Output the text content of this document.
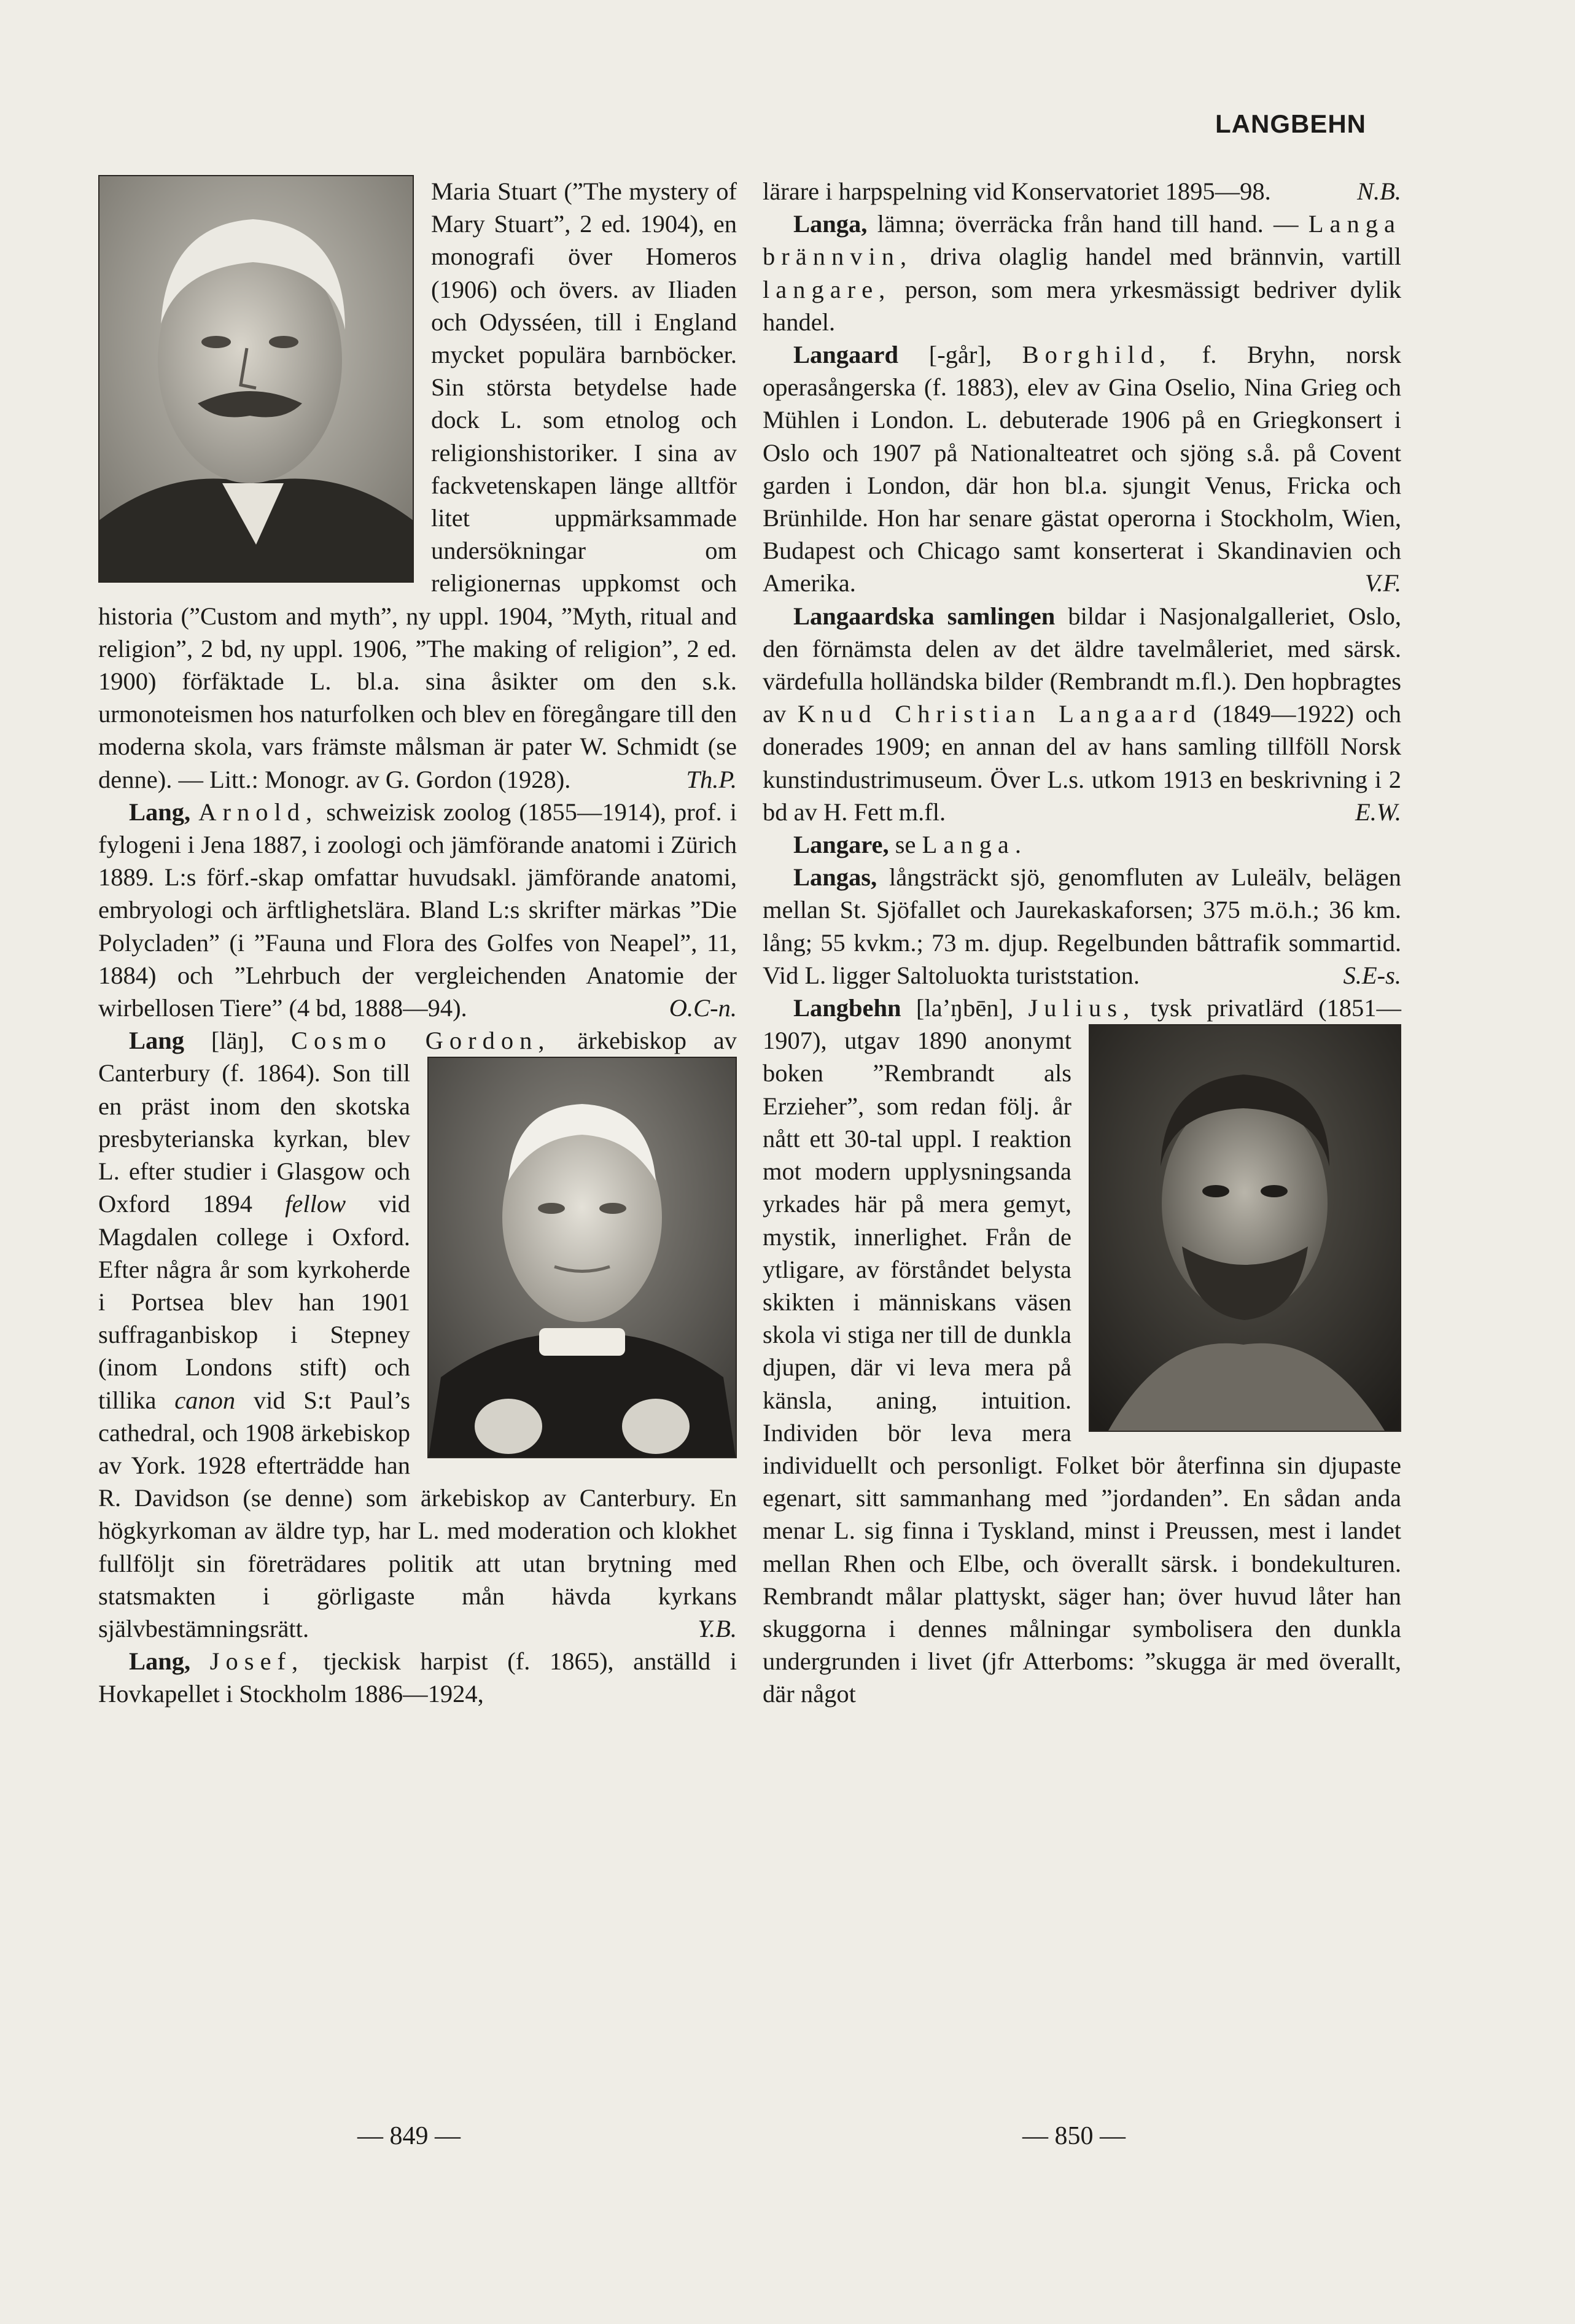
LANGBEHN

Maria Stuart (”The mystery of Mary Stuart”, 2 ed. 1904), en monografi över Homeros (1906) och övers. av Iliaden och Odysséen, till i England mycket populära barnböcker. Sin största betydelse hade dock L. som etnolog och religionshistoriker. I sina av fackvetenskapen länge alltför litet uppmärksammade undersökningar om religionernas uppkomst och historia (”Custom and myth”, ny uppl. 1904, ”Myth, ritual and religion”, 2 bd, ny uppl. 1906, ”The making of religion”, 2 ed. 1900) förfäktade L. bl.a. sina åsikter om den s.k. urmonoteismen hos naturfolken och blev en föregångare till den moderna skola, vars främste målsman är pater W. Schmidt (se denne). — Litt.: Monogr. av G. Gordon (1928).	Th.P.

Lang, Arnold, schweizisk zoolog (1855—1914), prof. i fylogeni i Jena 1887, i zoologi och jämförande anatomi i Zürich 1889. L:s förf.-skap omfattar huvudsakl. jämförande anatomi, embryologi och ärftlighetslära. Bland L:s skrifter märkas ”Die Polycladen” (i ”Fauna und Flora des Golfes von Neapel”, 11, 1884) och ”Lehrbuch der vergleichenden Anatomie der wirbellosen Tiere” (4 bd, 1888—94).	O.C-n.

Lang [läŋ], Cosmo Gordon, ärkebiskop av Canterbury (f. 1864). Son till en präst inom den skotska presbyterianska kyrkan, blev L. efter studier i Glasgow och Oxford 1894 fellow vid Magdalen college i Oxford. Efter några år som kyrkoherde i Portsea blev han 1901 suffraganbiskop i Stepney (inom Londons stift) och tillika canon vid S:t Paul’s cathedral, och 1908 ärkebiskop av York. 1928 efterträdde han R. Davidson (se denne) som ärkebiskop av Canterbury. En högkyrkoman av äldre typ, har L. med moderation och klokhet fullföljt sin företrädares politik att utan brytning med statsmakten i görligaste mån hävda kyrkans självbestämningsrätt.	Y.B.

Lang, Josef, tjeckisk harpist (f. 1865), anställd i Hovkapellet i Stockholm 1886—1924,

lärare i harpspelning vid Konservatoriet 1895—98.	N.B.

Langa, lämna; överräcka från hand till hand. — Langa brännvin, driva olaglig handel med brännvin, vartill langare, person, som mera yrkesmässigt bedriver dylik handel.

Langaard [-går], Borghild, f. Bryhn, norsk operasångerska (f. 1883), elev av Gina Oselio, Nina Grieg och Mühlen i London. L. debuterade 1906 på en Griegkonsert i Oslo och 1907 på Nationalteatret och sjöng s.å. på Covent garden i London, där hon bl.a. sjungit Venus, Fricka och Brünhilde. Hon har senare gästat operorna i Stockholm, Wien, Budapest och Chicago samt konserterat i Skandinavien och Amerika.	V.F.

Langaardska samlingen bildar i Nasjonalgalleriet, Oslo, den förnämsta delen av det äldre tavelmåleriet, med särsk. värdefulla holländska bilder (Rembrandt m.fl.). Den hopbragtes av Knud Christian Langaard (1849—1922) och donerades 1909; en annan del av hans samling tillföll Norsk kunstindustrimuseum. Över L.s. utkom 1913 en beskrivning i 2 bd av H. Fett m.fl.	E.W.

Langare, se Langa.

Langas, långsträckt sjö, genomfluten av Luleälv, belägen mellan St. Sjöfallet och Jaurekaskaforsen; 375 m.ö.h.; 36 km. lång; 55 kvkm.; 73 m. djup. Regelbunden båttrafik sommartid. Vid L. ligger Saltoluokta turiststation.	S.E-s.

Langbehn [la’ŋbēn], Julius, tysk privatlärd (1851—1907), utgav 1890 anonymt boken ”Rembrandt als Erzieher”, som redan följ. år nått ett 30-tal uppl. I reaktion mot modern upplysningsanda yrkades här på mera gemyt, mystik, innerlighet. Från de ytligare, av förståndet belysta skikten i människans väsen skola vi stiga ner till de dunkla djupen, där vi leva mera på känsla, aning, intuition. Individen bör leva mera individuellt och personligt. Folket bör återfinna sin djupaste egenart, sitt sammanhang med ”jordanden”. En sådan anda menar L. sig finna i Tyskland, minst i Preussen, mest i landet mellan Rhen och Elbe, och överallt särsk. i bondekulturen. Rembrandt målar plattyskt, säger han; över huvud låter han skuggorna i dennes målningar symbolisera den dunkla undergrunden i livet (jfr Atterboms: ”skugga är med överallt, där något

— 849 —	— 850 —
